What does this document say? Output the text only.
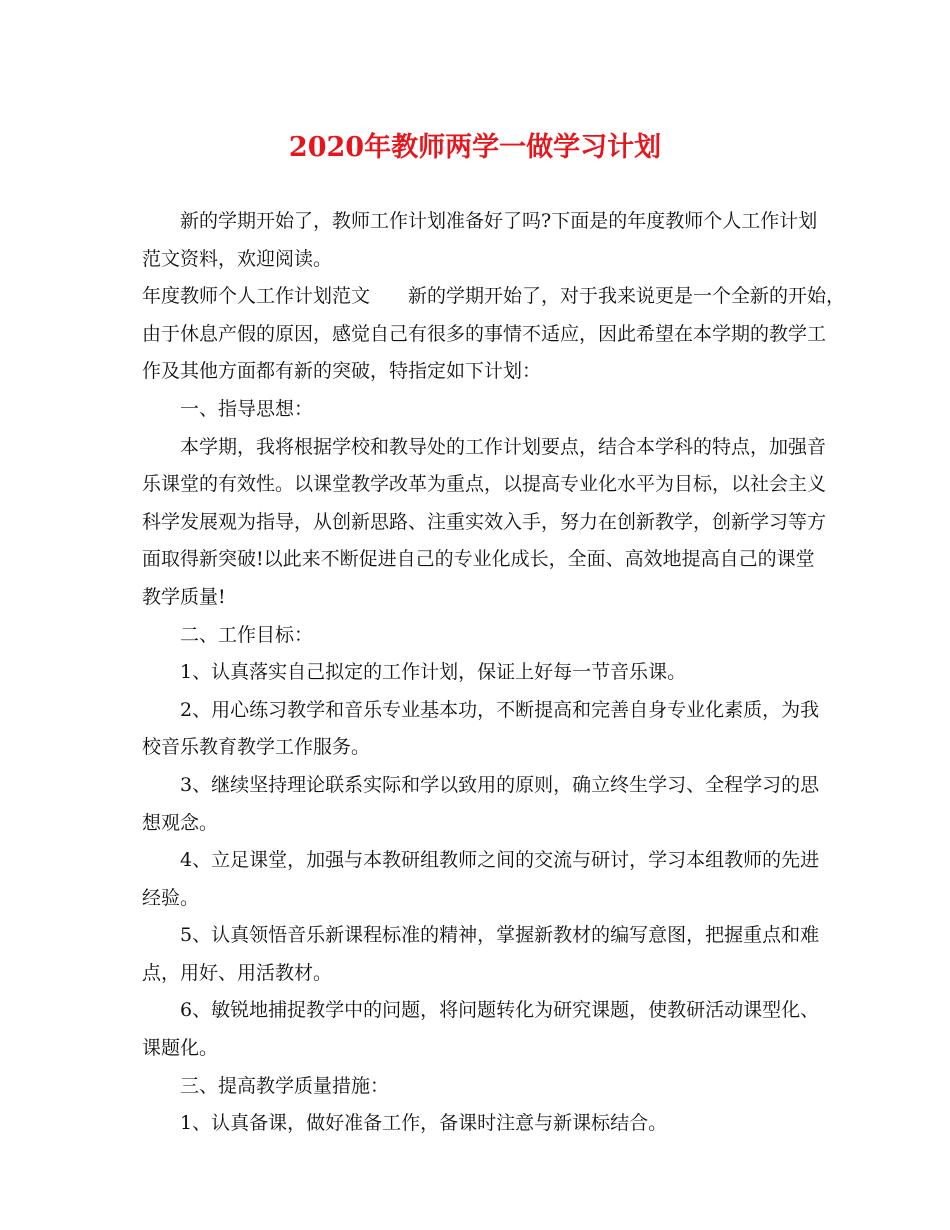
2020年教师两学一做学习计划
新的学期开始了，教师工作计划准备好了吗?下面是的年度教师个人工作计划
范文资料，欢迎阅读。
年度教师个人工作计划范文 新的学期开始了，对于我来说更是一个全新的开始，
由于休息产假的原因，感觉自己有很多的事情不适应，因此希望在本学期的教学工
作及其他方面都有新的突破，特指定如下计划：
一、指导思想：
本学期，我将根据学校和教导处的工作计划要点，结合本学科的特点，加强音
乐课堂的有效性。以课堂教学改革为重点，以提高专业化水平为目标，以社会主义
科学发展观为指导，从创新思路、注重实效入手，努力在创新教学，创新学习等方
面取得新突破!以此来不断促进自己的专业化成长，全面、高效地提高自己的课堂
教学质量!
二、工作目标：
1、认真落实自己拟定的工作计划，保证上好每一节音乐课。
2、用心练习教学和音乐专业基本功，不断提高和完善自身专业化素质，为我
校音乐教育教学工作服务。
3、继续坚持理论联系实际和学以致用的原则，确立终生学习、全程学习的思
想观念。
4、立足课堂，加强与本教研组教师之间的交流与研讨，学习本组教师的先进
经验。
5、认真领悟音乐新课程标准的精神，掌握新教材的编写意图，把握重点和难
点，用好、用活教材。
6、敏锐地捕捉教学中的问题，将问题转化为研究课题，使教研活动课型化、
课题化。
三、提高教学质量措施：
1、认真备课，做好准备工作，备课时注意与新课标结合。
